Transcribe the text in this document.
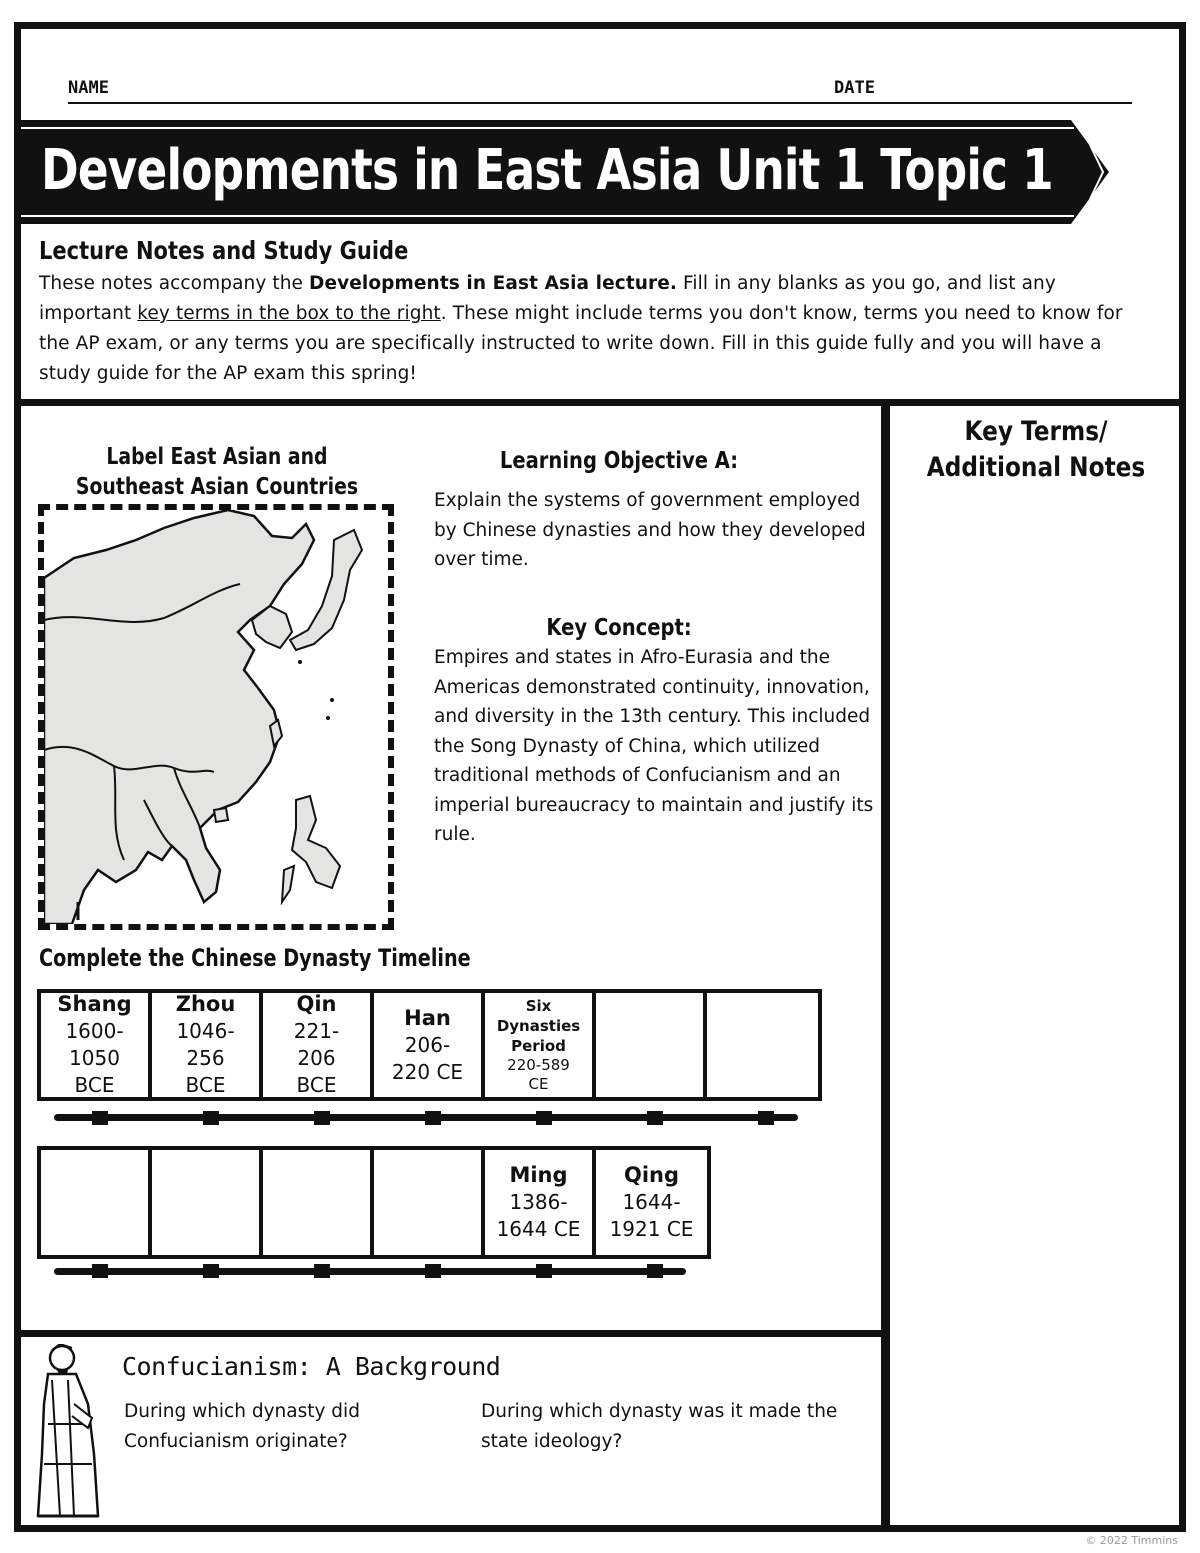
NAME	DATE
Developments in East Asia Unit 1 Topic 1
Lecture Notes and Study Guide

These notes accompany the Developments in East Asia lecture. Fill in any blanks as you go, and list any important key terms in the box to the right. These might include terms you don't know, terms you need to know for the AP exam, or any terms you are specifically instructed to write down. Fill in this guide fully and you will have a study guide for the AP exam this spring!

Key Terms/
Additional Notes
Label East Asian and
Southeast Asian Countries
Learning Objective A:

Explain the systems of government employed by Chinese dynasties and how they developed over time.

Key Concept:

Empires and states in Afro-Eurasia and the Americas demonstrated continuity, innovation, and diversity in the 13th century. This included the Song Dynasty of China, which utilized traditional methods of Confucianism and an imperial bureaucracy to maintain and justify its rule.

Complete the Chinese Dynasty Timeline
Shang
1600-
1050
BCE
Zhou
1046-
256
BCE
Qin
221-
206
BCE
Han
206-
220 CE
Six
Dynasties
Period
220-589
CE
Ming
1386-
1644 CE
Qing
1644-
1921 CE
Confucianism: A Background
During which dynasty did Confucianism originate?
During which dynasty was it made the state ideology?
© 2022 Timmins
